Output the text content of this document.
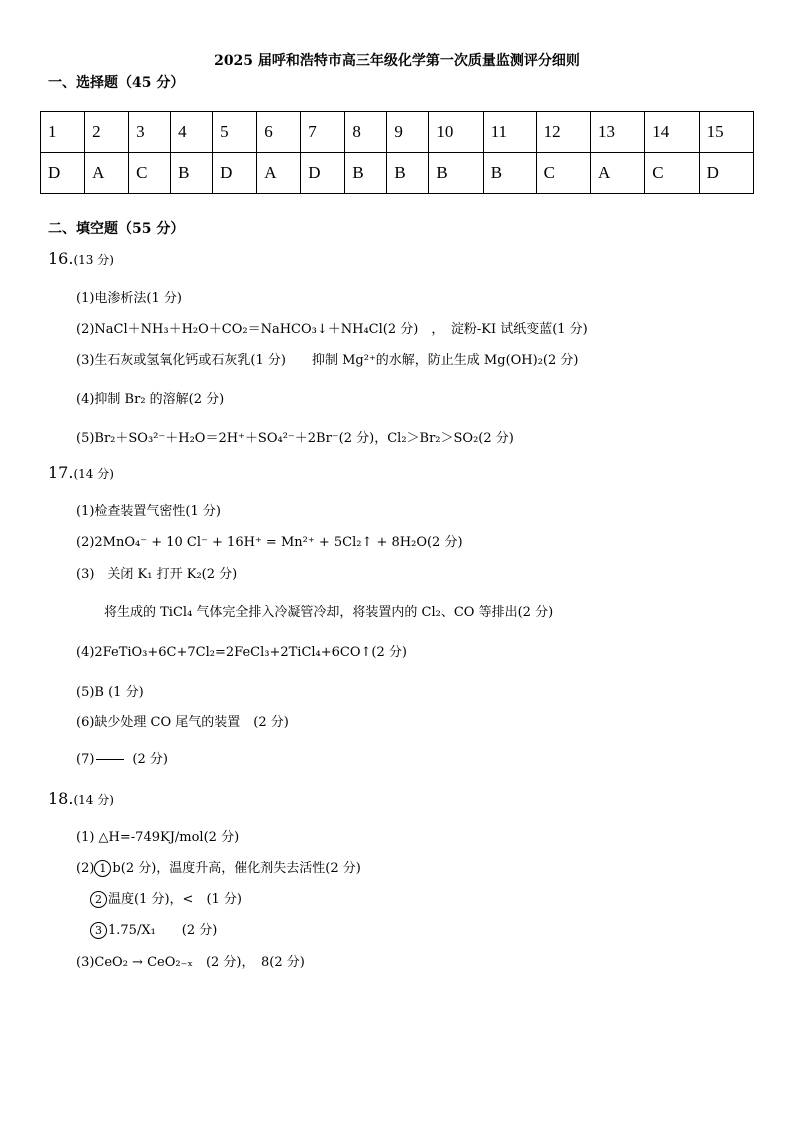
2025 届呼和浩特市高三年级化学第一次质量监测评分细则
一、选择题（45 分）
1	2	3	4	5	6	7	8	9	10	11	12	13	14	15
D	A	C	B	D	A	D	B	B	B	B	C	A	C	D
二、填空题（55 分）
16.(13 分)
(1)电渗析法(1 分)
(2)NaCl＋NH₃＋H₂O＋CO₂＝NaHCO₃↓＋NH₄Cl(2 分)　，　淀粉-KI 试纸变蓝(1 分)
(3)生石灰或氢氧化钙或石灰乳(1 分)　　抑制 Mg²⁺的水解，防止生成 Mg(OH)₂(2 分)
(4)抑制 Br₂ 的溶解(2 分)
(5)Br₂＋SO₃²⁻＋H₂O＝2H⁺＋SO₄²⁻＋2Br⁻(2 分)，Cl₂＞Br₂＞SO₂(2 分)
17.(14 分)
(1)检查装置气密性(1 分)
(2)2MnO₄⁻ + 10 Cl⁻ + 16H⁺ = Mn²⁺ + 5Cl₂↑ + 8H₂O(2 分)
(3)　关闭 K₁ 打开 K₂(2 分)
将生成的 TiCl₄ 气体完全排入冷凝管冷却，将装置内的 Cl₂、CO 等排出(2 分)
(4)2FeTiO₃+6C+7Cl₂=2FeCl₃+2TiCl₄+6CO↑(2 分)
(5)B (1 分)
(6)缺少处理 CO 尾气的装置　(2 分)
(7)	(2 分)
18.(14 分)
(1) △H=-749KJ/mol(2 分)
(2) 1 b(2 分)，温度升高，催化剂失去活性(2 分)
2 温度(1 分)，<　(1 分)
3 1.75/X₁　　(2 分)
(3)CeO₂ → CeO₂₋ₓ　(2 分)，　8(2 分)
